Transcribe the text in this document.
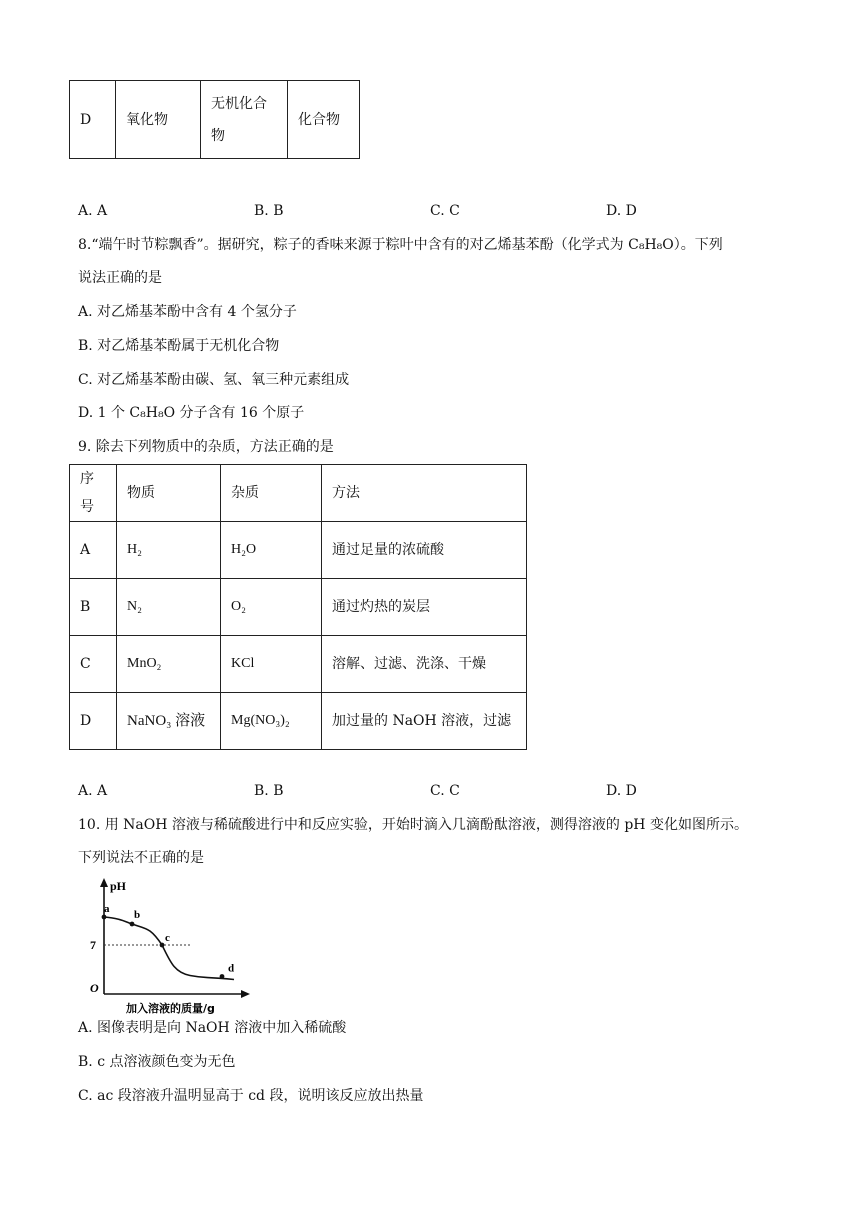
D	氧化物	无机化合物	化合物
A. A	B. B	C. C	D. D
8.“端午时节粽飘香”。据研究，粽子的香味来源于粽叶中含有的对乙烯基苯酚（化学式为 C₈H₈O）。下列
说法正确的是
A. 对乙烯基苯酚中含有 4 个氢分子
B. 对乙烯基苯酚属于无机化合物
C. 对乙烯基苯酚由碳、氢、氧三种元素组成
D. 1 个 C₈H₈O 分子含有 16 个原子
9. 除去下列物质中的杂质，方法正确的是
序号	物质	杂质	方法
A	H₂	H₂O	通过足量的浓硫酸
B	N₂	O₂	通过灼热的炭层
C	MnO₂	KCl	溶解、过滤、洗涤、干燥
D	NaNO₃ 溶液	Mg(NO₃)₂	加过量的 NaOH 溶液，过滤
A. A	B. B	C. C	D. D
10. 用 NaOH 溶液与稀硫酸进行中和反应实验，开始时滴入几滴酚酞溶液，测得溶液的 pH 变化如图所示。
下列说法不正确的是
pH
O
加入溶液的质量/g
7
a b
c
d
A. 图像表明是向 NaOH 溶液中加入稀硫酸
B. c 点溶液颜色变为无色
C. ac 段溶液升温明显高于 cd 段，说明该反应放出热量
